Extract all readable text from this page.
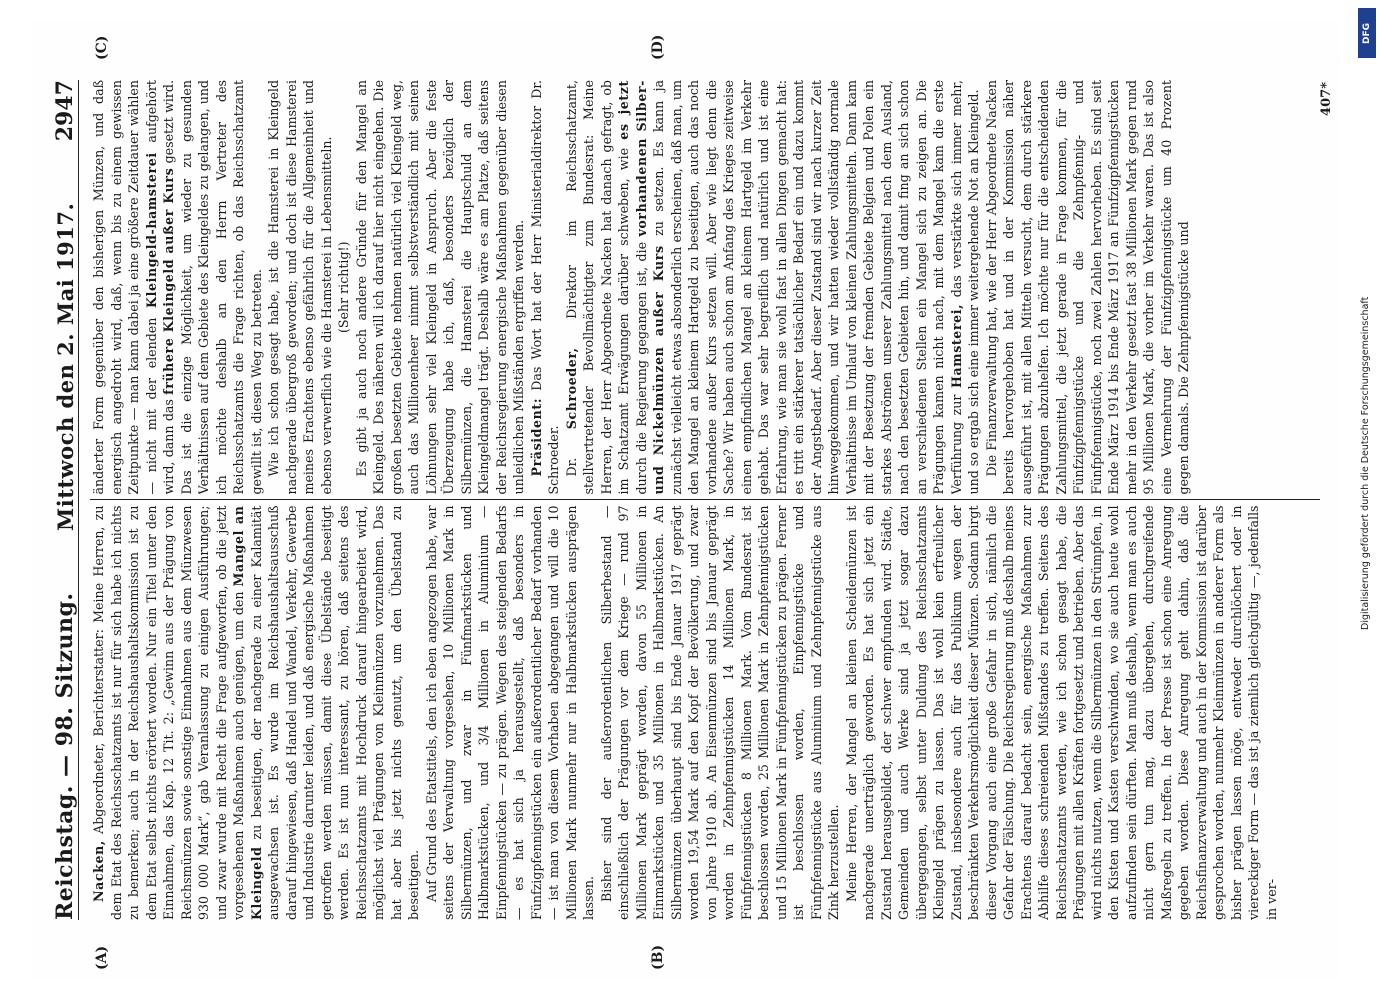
Reichstag. — 98. Sitzung.
Mittwoch den 2. Mai 1917.
2947
(A)	(B)
(C)	(D)

Nacken, Abgeordneter, Berichterstatter: Meine Herren, zu dem Etat des Reichsschatzamts ist nur für sich habe ich nichts zu bemerken; auch in der Reichshaushaltskommission ist zu dem Etat selbst nichts erörtert worden. Nur ein Titel unter den Einnahmen, das Kap. 12 Tit. 2: „Gewinn aus der Prägung von Reichsmünzen sowie sonstige Einnahmen aus dem Münzwesen 930 000 Mark“, gab Veranlassung zu einigen Ausführungen; und zwar wurde mit Recht die Frage aufgeworfen, ob die jetzt vorgesehenen Maßnahmen auch genügen, um den Mangel an Kleingeld zu beseitigen, der nachgerade zu einer Kalamität ausgewachsen ist. Es wurde im Reichshaushaltsausschuß darauf hingewiesen, daß Handel und Wandel, Verkehr, Gewerbe und Industrie darunter leiden, und daß energische Maßnahmen getroffen werden müssen, damit diese Übelstände beseitigt werden. Es ist nun interessant, zu hören, daß seitens des Reichsschatzamts mit Hochdruck darauf hingearbeitet wird, möglichst viel Prägungen von Kleinmünzen vorzunehmen. Das hat aber bis jetzt nichts genutzt, um den Übelstand zu beseitigen. Auf Grund des Etatstitels, den ich eben angezogen habe, war seitens der Verwaltung vorgesehen, 10 Millionen Mark in Silbermünzen, und zwar in Fünfmarkstücken und Halbmarkstücken, und 3/4 Millionen in Aluminium — Einpfennigstücken — zu prägen. Wegen des steigenden Bedarfs — es hat sich ja herausgestellt, daß besonders in Fünfzigpfennigstücken ein außerordentlicher Bedarf vorhanden — ist man von diesem Vorhaben abgegangen und will die 10 Millionen Mark nunmehr nur in Halbmarkstücken ausprägen lassen. Bisher sind der außerordentlichen Silberbestand — einschließlich der Prägungen vor dem Kriege — rund 97 Millionen Mark geprägt worden, davon 55 Millionen in Einmarkstücken und 35 Millionen in Halbmarkstücken. An Silbermünzen überhaupt sind bis Ende Januar 1917 geprägt worden 19,54 Mark auf den Kopf der Bevölkerung, und zwar von Jahre 1910 ab. An Eisenmünzen sind bis Januar geprägt worden in Zehnpfennigstücken 14 Millionen Mark, in Fünfpfennigstücken 8 Millionen Mark. Vom Bundesrat ist beschlossen worden, 25 Millionen Mark in Zehnpfennigstücken und 15 Millionen Mark in Fünfpfennigstücken zu prägen. Ferner ist beschlossen worden, Einpfennigstücke und Fünfpfennigstücke aus Aluminium und Zehnpfennigstücke aus Zink herzustellen. Meine Herren, der Mangel an kleinen Scheidemünzen ist nachgerade unerträglich geworden. Es hat sich jetzt ein Zustand herausgebildet, der schwer empfunden wird. Städte, Gemeinden und auch Werke sind ja jetzt sogar dazu übergegangen, selbst unter Duldung des Reichsschatzamts Kleingeld prägen zu lassen. Das ist wohl kein erfreulicher Zustand, insbesondere auch für das Publikum wegen der beschränkten Verkehrsmöglichkeit dieser Münzen. Sodann birgt dieser Vorgang auch eine große Gefahr in sich, nämlich die Gefahr der Fälschung. Die Reichsregierung muß deshalb meines Erachtens darauf bedacht sein, energische Maßnahmen zur Abhilfe dieses schreienden Mißstandes zu treffen. Seitens des Reichsschatzamts werden, wie ich schon gesagt habe, die Prägungen mit allen Kräften fortgesetzt und betrieben. Aber das wird nichts nutzen, wenn die Silbermünzen in den Strümpfen, in den Kisten und Kasten verschwinden, wo sie auch heute wohl aufzufinden sein dürften. Man muß deshalb, wenn man es auch nicht gern tun mag, dazu übergehen, durchgreifende Maßregeln zu treffen. In der Presse ist schon eine Anregung gegeben worden. Diese Anregung geht dahin, daß die Reichsfinanzverwaltung und auch in der Kommission ist darüber gesprochen worden, nunmehr Kleinmünzen in anderer Form als bisher prägen lassen möge, entweder durchlöchert oder in viereckiger Form — das ist ja ziemlich gleichgültig —, jedenfalls in ver-

änderter Form gegenüber den bisherigen Münzen, und daß energisch angedroht wird, daß, wenn bis zu einem gewissen Zeitpunkte — man kann dabei ja eine größere Zeitdauer wählen — nicht mit der elenden Kleingeld-hamsterei aufgehört wird, dann das frühere Kleingeld außer Kurs gesetzt wird. Das ist die einzige Möglichkeit, um wieder zu gesunden Verhältnissen auf dem Gebiete des Kleingeldes zu gelangen, und ich möchte deshalb an den Herrn Vertreter des Reichsschatzamts die Frage richten, ob das Reichsschatzamt gewillt ist, diesen Weg zu betreten. Wie ich schon gesagt habe, ist die Hamsterei in Kleingeld nachgerade übergroß geworden; und doch ist diese Hamsterei meines Erachtens ebenso gefährlich für die Allgemeinheit und ebenso verwerflich wie die Hamsterei in Lebensmitteln. (Sehr richtig!) Es gibt ja auch noch andere Gründe für den Mangel an Kleingeld. Des näheren will ich darauf hier nicht eingehen. Die großen besetzten Gebiete nehmen natürlich viel Kleingeld weg, auch das Millionenheer nimmt selbstverständlich mit seinen Löhnungen sehr viel Kleingeld in Anspruch. Aber die feste Überzeugung habe ich, daß, besonders bezüglich der Silbermünzen, die Hamsterei die Hauptschuld an dem Kleingeldmangel trägt. Deshalb wäre es am Platze, daß seitens der Reichsregierung energische Maßnahmen gegenüber diesen unleidlichen Mißständen ergriffen werden. Präsident: Das Wort hat der Herr Ministerialdirektor Dr. Schroeder. Dr. Schroeder, Direktor im Reichsschatzamt, stellvertretender Bevollmächtigter zum Bundesrat: Meine Herren, der Herr Abgeordnete Nacken hat danach gefragt, ob im Schatzamt Erwägungen darüber schweben, wie es jetzt durch die Regierung gegangen ist, die vorhandenen Silber- und Nickelmünzen außer Kurs zu setzen. Es kann ja zunächst vielleicht etwas absonderlich erscheinen, daß man, um den Mangel an kleinem Hartgeld zu beseitigen, auch das noch vorhandene außer Kurs setzen will. Aber wie liegt denn die Sache? Wir haben auch schon am Anfang des Krieges zeitweise einen empfindlichen Mangel an kleinem Hartgeld im Verkehr gehabt. Das war sehr begreiflich und natürlich und ist eine Erfahrung, wie man sie wohl fast in allen Dingen gemacht hat: es tritt ein stärkerer tatsächlicher Bedarf ein und dazu kommt der Angstbedarf. Aber dieser Zustand sind wir nach kurzer Zeit hinweggekommen, und wir hatten wieder vollständig normale Verhältnisse im Umlauf von kleinen Zahlungsmitteln. Dann kam mit der Besetzung der fremden Gebiete Belgien und Polen ein starkes Abströmen unserer Zahlungsmittel nach dem Ausland, nach den besetzten Gebieten hin, und damit fing an sich schon an verschiedenen Stellen ein Mangel sich zu zeigen an. Die Prägungen kamen nicht nach, mit dem Mangel kam die erste Verführung zur Hamsterei, das verstärkte sich immer mehr, und so ergab sich eine immer weitergehende Not an Kleingeld. Die Finanzverwaltung hat, wie der Herr Abgeordnete Nacken bereits hervorgehoben hat und in der Kommission näher ausgeführt ist, mit allen Mitteln versucht, dem durch stärkere Prägungen abzuhelfen. Ich möchte nur für die entscheidenden Zahlungsmittel, die jetzt gerade in Frage kommen, für die Fünfzigpfennigstücke und die Zehnpfennig- und Fünfpfennigstücke, noch zwei Zahlen hervorheben. Es sind seit Ende März 1914 bis Ende März 1917 an Fünfzigpfennigstücken mehr in den Verkehr gesetzt fast 38 Millionen Mark gegen rund 95 Millionen Mark, die vorher im Verkehr waren. Das ist also eine Vermehrung der Fünfzigpfennigstücke um 40 Prozent gegen damals. Die Zehnpfennigstücke und

407*
DFG
Digitalisierung gefördert durch die Deutsche Forschungsgemeinschaft
